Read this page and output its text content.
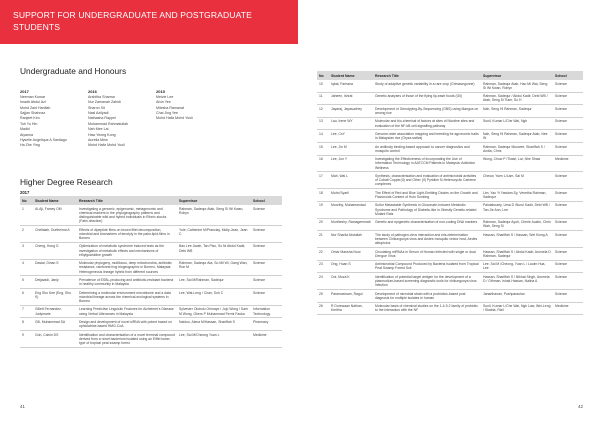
SUPPORT FOR UNDERGRADUATE AND POSTGRADUATE STUDENTS
Undergraduate and Honours
2017
Neeman Kumar
Imadh Abdul Azl
Mohd Zaid Hanfiah
Sajjan Shahnaz
Ranjeet Kim
Toh Yu Hin
Madhi
Alyanna
Hyselle Angelique A Santiago
Ha Zhe Ying
2016
Arshitha Sharma
Nur Zamanah Zahidi
Sharon Sit
Nasl Azilyadi
Nathasha Rappel
Mohammad Rahmatullah
Nah Mee Lai
Haw Yeong Kong
Aurelia Mew
Mohd Hafiz Mohd Yusli
2015
Melvie Lee
Alvin Yee
Milesha Ramanat
Chai Jing Yee
Mohd Hafiz Mohd Yusli
Higher Degree Research
2017
No	Student Name	Research Title	Supervisor	School
1	Al-Aji, Famey OM	Investigating a genomic, epigenomic, metagenomic and chemical markers in the phylogeography patterns and distinguishable wild and hybrid individuals in Ethnic stocks (Fatin olfaction)	Rahman, Sadequr Atab, Seng Si Wi Kwan, Robyn	Science
2	Chellaiah, Durtheima A	Effects of dipeptide films on brown fillet decomposition, microbial and biomarkers of tenotyly in the palm-lipid-films in Borneo	Yule, Catherine M/Pranclay, Molly-Jean, Jean C	Science
3	Cheng, Hong G	Optimization of metabolic syndrome induced tests as the investigation of metabolic effects and mechanisms of ethylguanidine growth	Bao Lee Jiwah, Tan Piso, So Ni Abdul Kadir, Debi WB	Science
4	Dastal, Dinan S	Molecular phylogeny, multilocus, deep mitochondria, antibiotic resistance, rainforest frog biogeographic in Borneo, Malaysia: Heterogeneous lineage hybrid from different sources	Rahman, Sadequr Ata, So Mil Wi, Gang Wan, Ron M	Science
5	Deljavadi, Janly	Prevalence of ESBL-producing and antibiotic-resistant bacteria in healthy community in Malaysia	Lee, Sai M/Rahman, Sadequr	Science
6	Eng Shu Kee (Eng, Shu K)	Determining a molecular environment microbiome and a data microbial lineage across the chemical-ecological systems in Borneo	Lee, Wai-Leng / Chan, Soh C	Science
7	Gillett Fernandez, Judymarie	Learning Predictive Linguistic Features for Alzheimer's Disease using Verbal Utterances in Malaysia	Sylvester Olubolu Orimaye / Jojo Wong / Sam M Wong, Ohers P Muhammad Fermi Fauka	Information Technology
8	Gill, Muhammad SA	Design and development of novel siRNA with potent based on ophiolatrine-based HMG-CoA	Naidoo, Alena M/Hassan, Shariffah S	Pharmacy
9	Goh, Calvin DS	Identification and characterisation of a novel terminal compound derived from a novel bacterium isolated using an Eiffel tower-type of tropical peat swamp forest	Lee, Sai M/Cheong Yuan L	Medicine
41
No	Student Name	Research Title	Supervisor	School
10	Iqbal, Farhana	Study of adaptive genetic variability in a rare crop (Grimasegonne)	Rahman, Sadequr Atab, Hao Mi Wai, Seng Si Wi Kwan, Robyn	Science
11	Jaheen, Ishrat	Genetic analyses of those of the flying lip-eastr foods (Gil)	Rahman, Sadequr / Abdul Kadir, Debi WB / Atab, Seng Si Tiam, So H	Science
12	Jayaraj, Jayasudhey	Development of Genotyping-By-Sequencing (GBS) using Mangos on among rice	Nah, Seng Hi Rahman, Sadequr	Science
13	Lau, Irene WY	Molecular and bio-chemical of factors at sites of Nicotine sites and evaluation of the NF-kB cell-signalling pathway	Sunil, Kumar L/Che Wai, Ngh	Science
14	Lee, CsY	Genome-wide association mapping and breeding for agronomic traits in Malaysian rice (Oryza sativa)	Nah, Seng Hi Rahman, Sadequr Atab, Nee W	Science
15	Lee, Jin M	An antibody binding-based approach to cancer diagnostics and mosquito control	Rahman, Sadequr Munwee, Shariffah S / Andia, Chris	Science
16	Lee, Jun Y	Investigating the Effectiveness of Incorporating the Use of Information Technology in AATCCM Patients in Malaysia: Addiction Wellness	Wong, Chow P /Tiwari, Lai, Nhe Shaw	Medicine
17	Mah, Wai L	Synthesis, characterisation and evaluation of antimicrobial activities of Cobalt Copper(II) and Other (II) Pyridine N-Heterocyclic Carbene complexes	Cheow, Yuen L/Lam, Sai M	Science
18	Mohd Syaril	The Effect of Red and Blue Light-Emitting Diodes on the Growth and Flavonoids Content of Holo Sunking	Lim, Yau Yi Yawlam-Sy, Venetha Rahman, Sadequr	Science
19	Moorthy, Muhamandad	Sulfur Metastable Synthesis in Gluconate-Induced Metabolic Syndrome and Pathology of Diabetic-like in Obesity Genetic-related Mutant Rats	Paloiabuarty, Uma D /Nurul Kadir, Debi WB / Tan Jie Ann, Lee	Science
20	Murtheshy, Ramagemmalt	Genetic and epigenetic characterisation of non-coding DNA markers	Rahman, Sadequr Ayoh, Cherie Austin, Chris Wah, Seng Si	Science
21	Nur Sharlia Abdullah	The study of pathogen-virus interaction and mis-determination between Chikungunya virus and Aedes mosquito vector host, Aedes albopictus	Hassan, Shariffah S / Hassan, Wei Kiong A	Science
22	Omar Mansha Noor	Circulating miRNAs in Serum of Human Infected with single or dual Dengue Virus	Hassan, Shariffah S / Abdul Kadir, Arumela D Rahman, Sadequr	Science
23	Ong, Huan S	Antimicrobial Compound Produced by Bacteria Isolated from Tropical Peat Swamp Forest Soil	Lee, Sai M /Cheong, Yuan L / Lauim Hua, Lee	Science
24	Ooi, Moza K	Identification of potential target antigen for the development of a plasmodium-based screening diagnostic tools for chikungunya virus infection	Hassan, Shariffah S / Nikhat Singh, Arumela D / Othman, Ishak Hassan, Nalina A	Science
25	Paramasivam, Ragul	Development of microbial strain with a probiotics-based post diagnosis for multiple isolates in human	Janarthanan, Pushparaulan	Science
26	R Durewaan Nathan, Keritha	Molecular basis of chemical studies on the 1-4-9-2 family of probiotic to the interaction with the NF	Sunil, Kumar L/Che Wai, Ngh Law, Wei-Leng / Shabia, Rizil	Medicine
42
